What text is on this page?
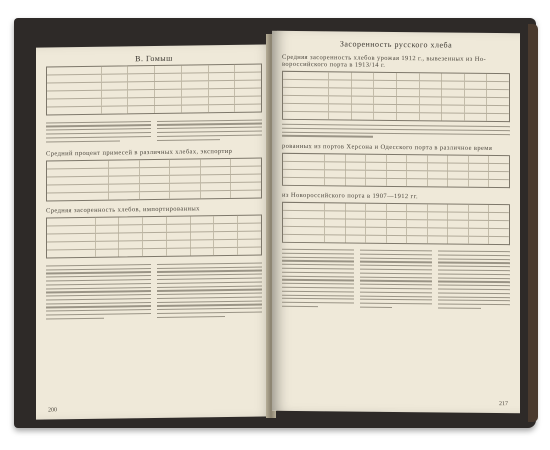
В. Гомыш
Средний процент примесей в различных хлебах, экспортир
Средняя засоренность хлебов, импортированных
200
Засоренность русского хлеба
Средняя засоренность хлебов урожая 1912 г., вывезенных из Но-вороссийского порта в 1913/14 г.
рованных из портов Херсона и Одесского порта в различное время
из Новороссийского порта в 1907—1912 гг.
217
